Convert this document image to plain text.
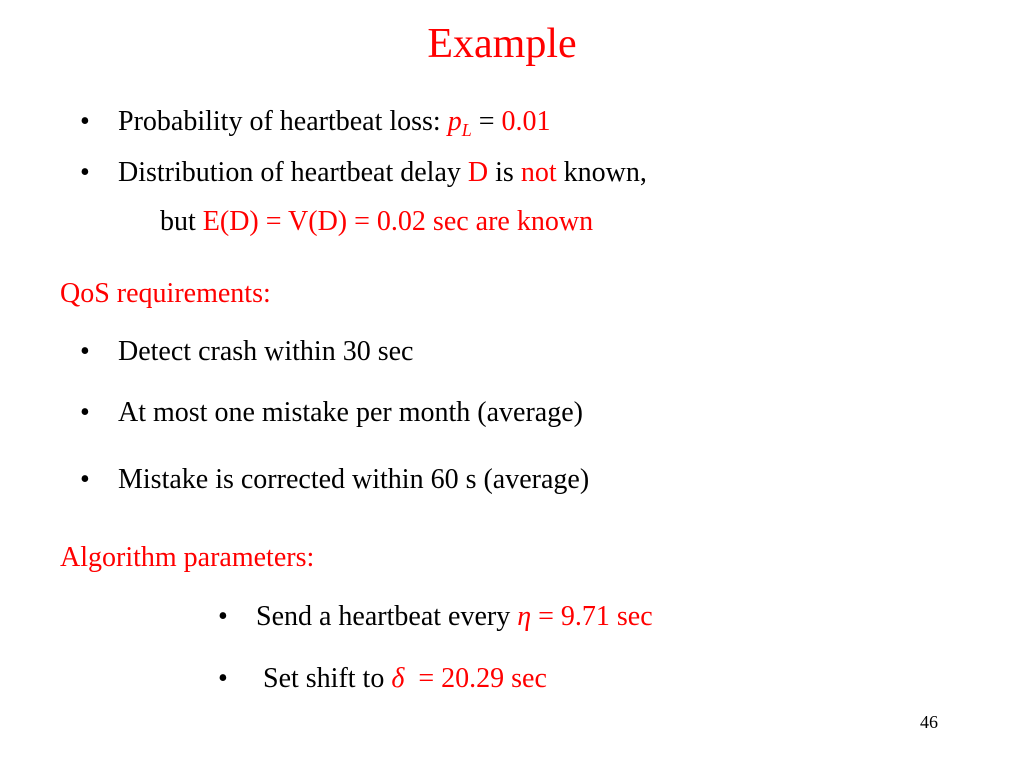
Example
• Probability of heartbeat loss: $p_L = 0.01$
• Distribution of heartbeat delay D is not known,
but E(D) = V(D) = 0.02 sec are known
QoS requirements:
• Detect crash within 30 sec
• At most one mistake per month (average)
• Mistake is corrected within 60 s (average)
Algorithm parameters:
• Send a heartbeat every η = 9.71 sec
• Set shift to δ  = 20.29 sec
46
